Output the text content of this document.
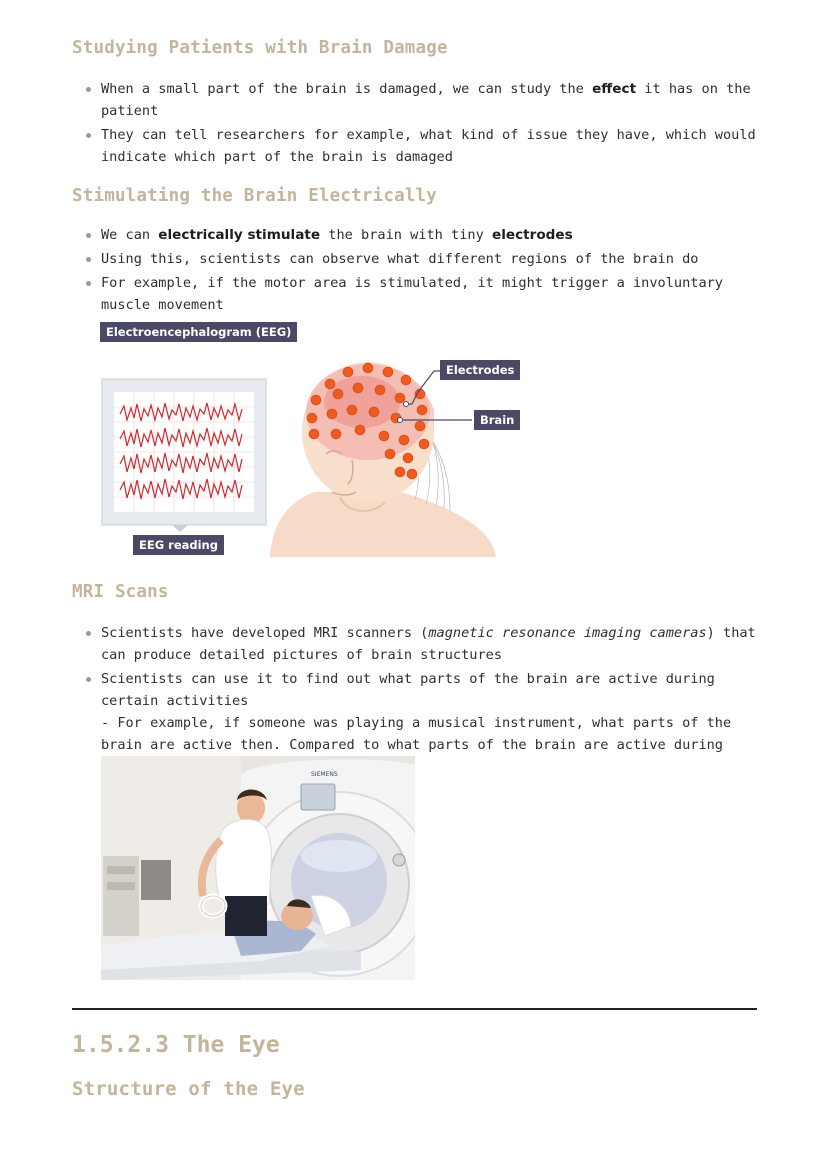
Studying Patients with Brain Damage
When a small part of the brain is damaged, we can study the effect it has on the patient
They can tell researchers for example, what kind of issue they have, which would indicate which part of the brain is damaged
Stimulating the Brain Electrically
We can electrically stimulate the brain with tiny electrodes
Using this, scientists can observe what different regions of the brain do
For example, if the motor area is stimulated, it might trigger a involuntary muscle movement
Electroencephalogram (EEG)
Electrodes
Brain
EEG reading
MRI Scans
Scientists have developed MRI scanners (magnetic resonance imaging cameras) that can produce detailed pictures of brain structures
Scientists can use it to find out what parts of the brain are active during certain activities
- For example, if someone was playing a musical instrument, what parts of the brain are active then. Compared to what parts of the brain are active during
SIEMENS
1.5.2.3 The Eye
Structure of the Eye
